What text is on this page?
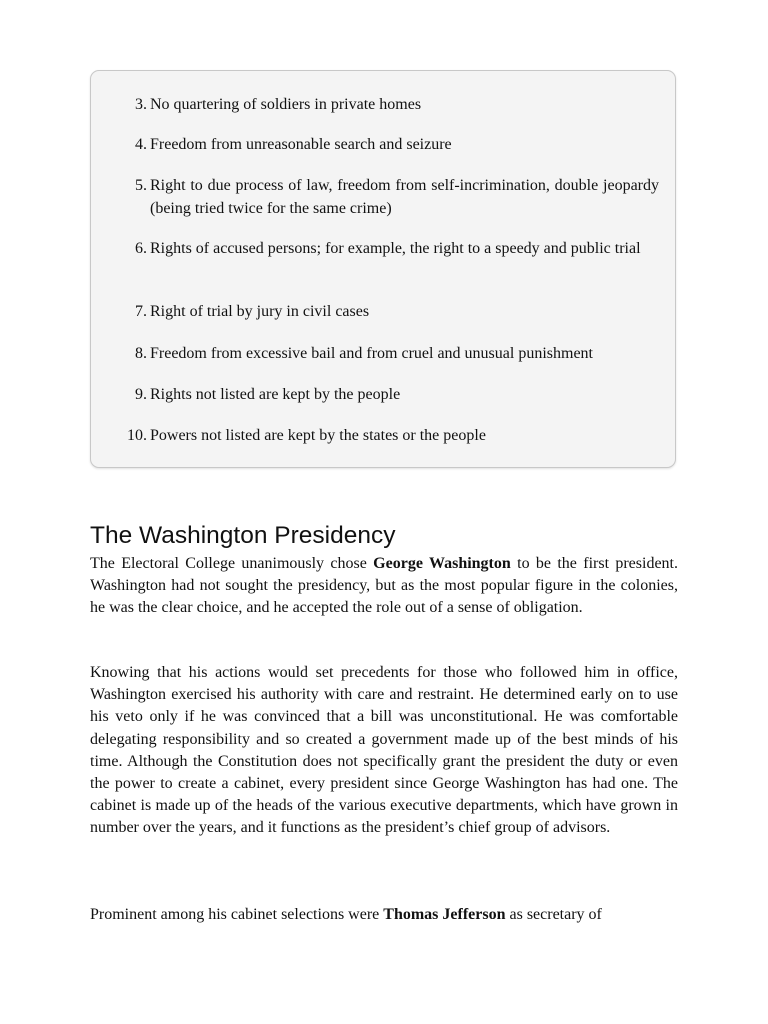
3. No quartering of soldiers in private homes
4. Freedom from unreasonable search and seizure
5. Right to due process of law, freedom from self-incrimination, double jeopardy (being tried twice for the same crime)
6. Rights of accused persons; for example, the right to a speedy and public trial
7. Right of trial by jury in civil cases
8. Freedom from excessive bail and from cruel and unusual punishment
9. Rights not listed are kept by the people
10. Powers not listed are kept by the states or the people
The Washington Presidency

The Electoral College unanimously chose George Washington to be the first president. Washington had not sought the presidency, but as the most popular figure in the colonies, he was the clear choice, and he accepted the role out of a sense of obligation.

Knowing that his actions would set precedents for those who followed him in office, Washington exercised his authority with care and restraint. He determined early on to use his veto only if he was convinced that a bill was unconstitutional. He was comfortable delegating responsibility and so created a government made up of the best minds of his time. Although the Constitution does not specifically grant the president the duty or even the power to create a cabinet, every president since George Washington has had one. The cabinet is made up of the heads of the various executive departments, which have grown in number over the years, and it functions as the president’s chief group of advisors.

Prominent among his cabinet selections were Thomas Jefferson as secretary of
